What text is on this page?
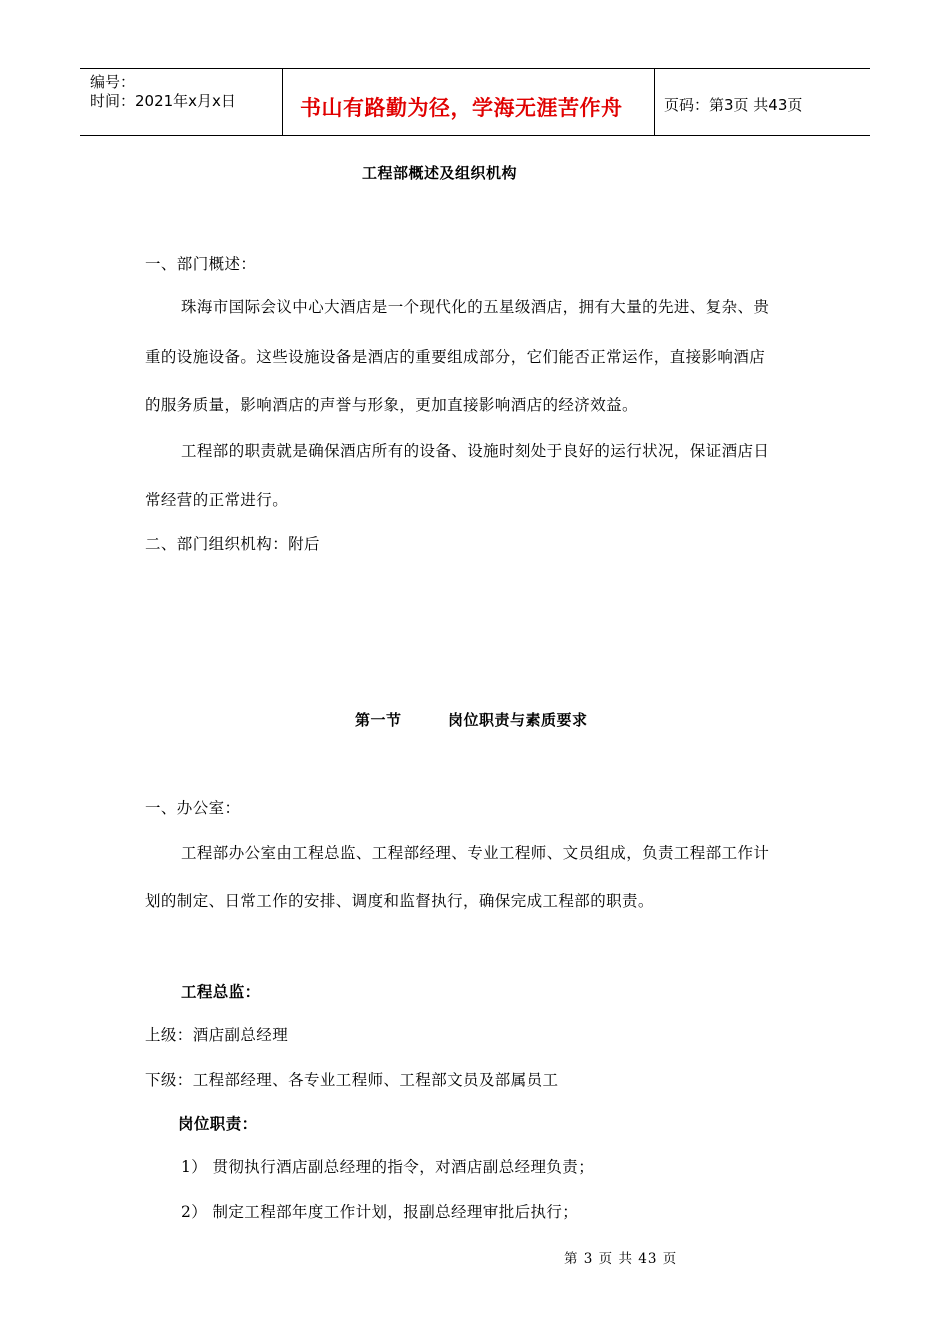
编号：
时间：2021年x月x日	书山有路勤为径，学海无涯苦作舟	页码：第3页 共43页
工程部概述及组织机构
一、部门概述：
珠海市国际会议中心大酒店是一个现代化的五星级酒店，拥有大量的先进、复杂、贵
重的设施设备。这些设施设备是酒店的重要组成部分，它们能否正常运作，直接影响酒店
的服务质量，影响酒店的声誉与形象，更加直接影响酒店的经济效益。
工程部的职责就是确保酒店所有的设备、设施时刻处于良好的运行状况，保证酒店日
常经营的正常进行。
二、部门组织机构：附后
第一节	岗位职责与素质要求
一、办公室：
工程部办公室由工程总监、工程部经理、专业工程师、文员组成，负责工程部工作计
划的制定、日常工作的安排、调度和监督执行，确保完成工程部的职责。
工程总监：
上级：酒店副总经理
下级：工程部经理、各专业工程师、工程部文员及部属员工
岗位职责：
1） 贯彻执行酒店副总经理的指令，对酒店副总经理负责；
2） 制定工程部年度工作计划，报副总经理审批后执行；
第 3 页 共 43 页
